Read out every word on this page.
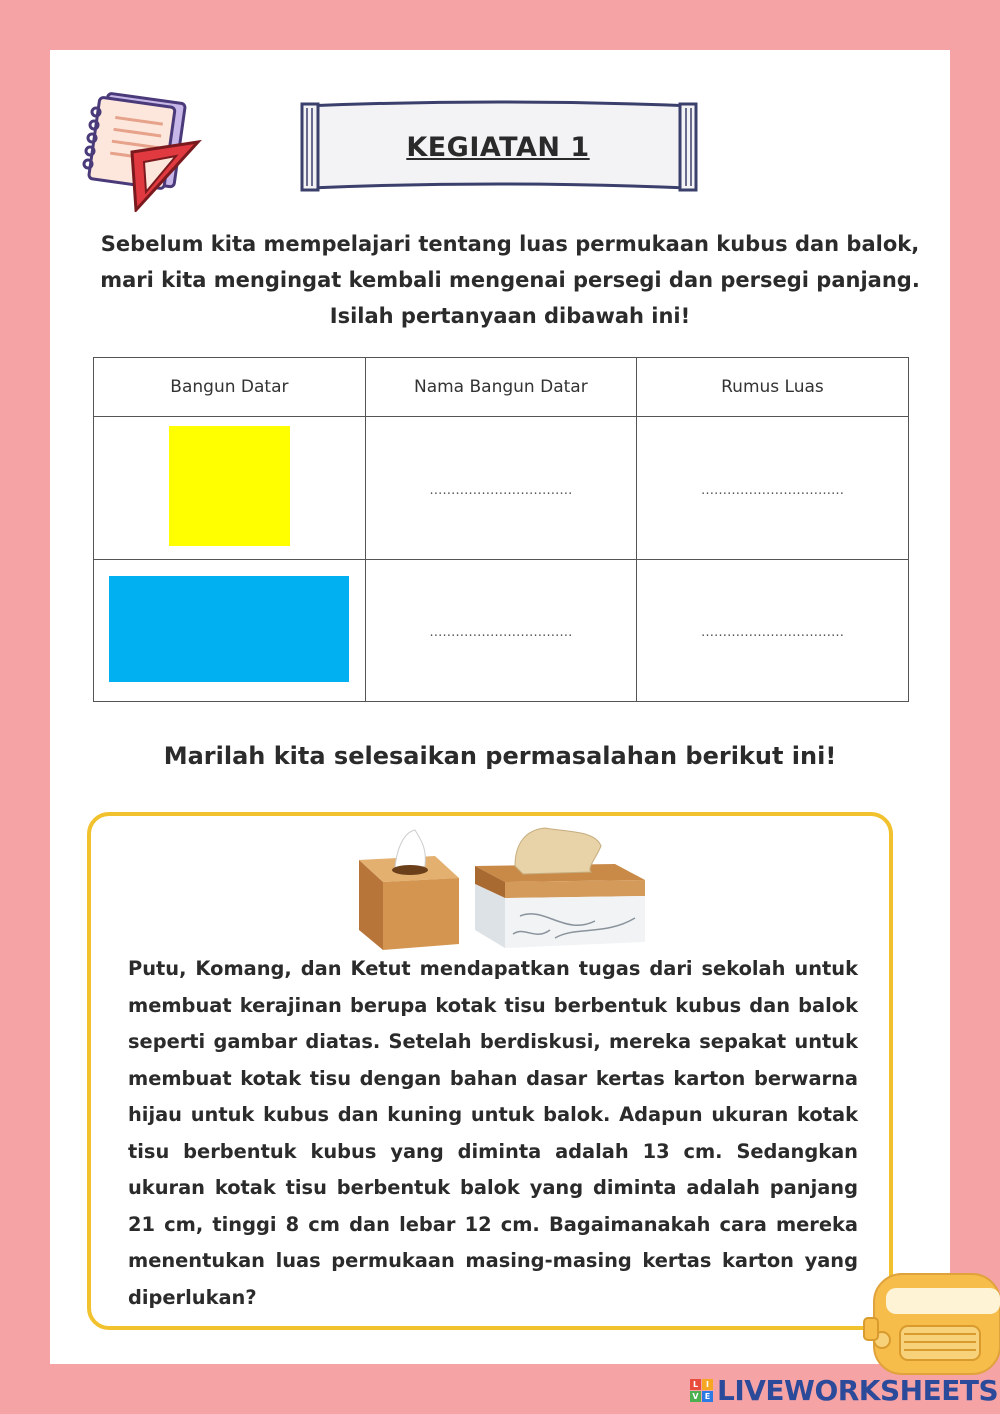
KEGIATAN 1

Sebelum kita mempelajari tentang luas permukaan kubus dan balok,

mari kita mengingat kembali mengenai persegi dan persegi panjang.

Isilah pertanyaan dibawah ini!

Bangun Datar	Nama Bangun Datar	Rumus Luas
	……………………………	……………………………
	……………………………	……………………………
Marilah kita selesaikan permasalahan berikut ini!
Putu, Komang, dan Ketut mendapatkan tugas dari sekolah untuk membuat kerajinan berupa kotak tisu berbentuk kubus dan balok seperti gambar diatas. Setelah berdiskusi, mereka sepakat untuk membuat kotak tisu dengan bahan dasar kertas karton berwarna hijau untuk kubus dan kuning untuk balok. Adapun ukuran kotak tisu berbentuk kubus yang diminta adalah 13 cm. Sedangkan ukuran kotak tisu berbentuk balok yang diminta adalah panjang 21 cm, tinggi 8 cm dan lebar 12 cm. Bagaimanakah cara mereka menentukan luas permukaan masing-masing kertas karton yang diperlukan?
L I
V E LIVEWORKSHEETS
